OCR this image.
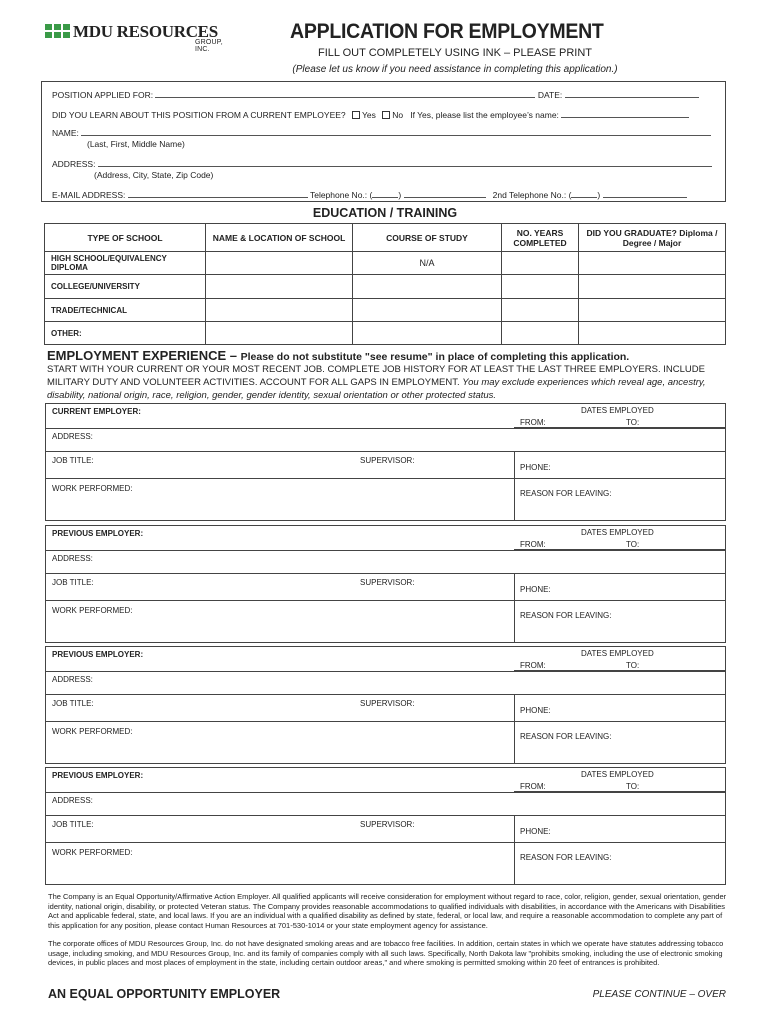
MDU RESOURCES
GROUP, INC.
APPLICATION FOR EMPLOYMENT
FILL OUT COMPLETELY USING INK – PLEASE PRINT
(Please let us know if you need assistance in completing this application.)
POSITION APPLIED FOR:	DATE:
DID YOU LEARN ABOUT THIS POSITION FROM A CURRENT EMPLOYEE? Yes No If Yes, please list the employee’s name:
NAME:
(Last, First, Middle Name)
ADDRESS:
(Address, City, State, Zip Code)
E-MAIL ADDRESS:	Telephone No.: (	)	2nd Telephone No.: (	)
EDUCATION / TRAINING
TYPE OF SCHOOL	NAME & LOCATION OF SCHOOL	COURSE OF STUDY	NO. YEARS COMPLETED	DID YOU GRADUATE? Diploma / Degree / Major
HIGH SCHOOL/EQUIVALENCY DIPLOMA		N/A		
COLLEGE/UNIVERSITY				
TRADE/TECHNICAL				
OTHER:				
EMPLOYMENT EXPERIENCE – Please do not substitute "see resume" in place of completing this application.
START WITH YOUR CURRENT OR YOUR MOST RECENT JOB. COMPLETE JOB HISTORY FOR AT LEAST THE LAST THREE EMPLOYERS. INCLUDE MILITARY DUTY AND VOLUNTEER ACTIVITIES. ACCOUNT FOR ALL GAPS IN EMPLOYMENT. You may exclude experiences which reveal age, ancestry, disability, national origin, race, religion, gender, gender identity, sexual orientation or other protected status.
CURRENT EMPLOYER:	DATES EMPLOYED
FROM:	TO:
ADDRESS:
JOB TITLE:	SUPERVISOR:
PHONE:
WORK PERFORMED:
REASON FOR LEAVING:
PREVIOUS EMPLOYER:	DATES EMPLOYED
FROM:	TO:
ADDRESS:
JOB TITLE:	SUPERVISOR:
PHONE:
WORK PERFORMED:
REASON FOR LEAVING:
PREVIOUS EMPLOYER:	DATES EMPLOYED
FROM:	TO:
ADDRESS:
JOB TITLE:	SUPERVISOR:
PHONE:
WORK PERFORMED:
REASON FOR LEAVING:
PREVIOUS EMPLOYER:	DATES EMPLOYED
FROM:	TO:
ADDRESS:
JOB TITLE:	SUPERVISOR:
PHONE:
WORK PERFORMED:
REASON FOR LEAVING:
The Company is an Equal Opportunity/Affirmative Action Employer. All qualified applicants will receive consideration for employment without regard to race, color, religion, gender, sexual orientation, gender identity, national origin, disability, or protected Veteran status. The Company provides reasonable accommodations to qualified individuals with disabilities, in accordance with the Americans with Disabilities Act and applicable federal, state, and local laws. If you are an individual with a qualified disability as defined by state, federal, or local law, and require a reasonable accommodation to complete any part of this application for any position, please contact Human Resources at 701-530-1014 or your state employment agency for assistance.
The corporate offices of MDU Resources Group, Inc. do not have designated smoking areas and are tobacco free facilities. In addition, certain states in which we operate have statutes addressing tobacco usage, including smoking, and MDU Resources Group, Inc. and its family of companies comply with all such laws. Specifically, North Dakota law "prohibits smoking, including the use of electronic smoking devices, in public places and most places of employment in the state, including certain outdoor areas," and where smoking is permitted smoking within 20 feet of entrances is prohibited.
AN EQUAL OPPORTUNITY EMPLOYER	PLEASE CONTINUE – OVER
